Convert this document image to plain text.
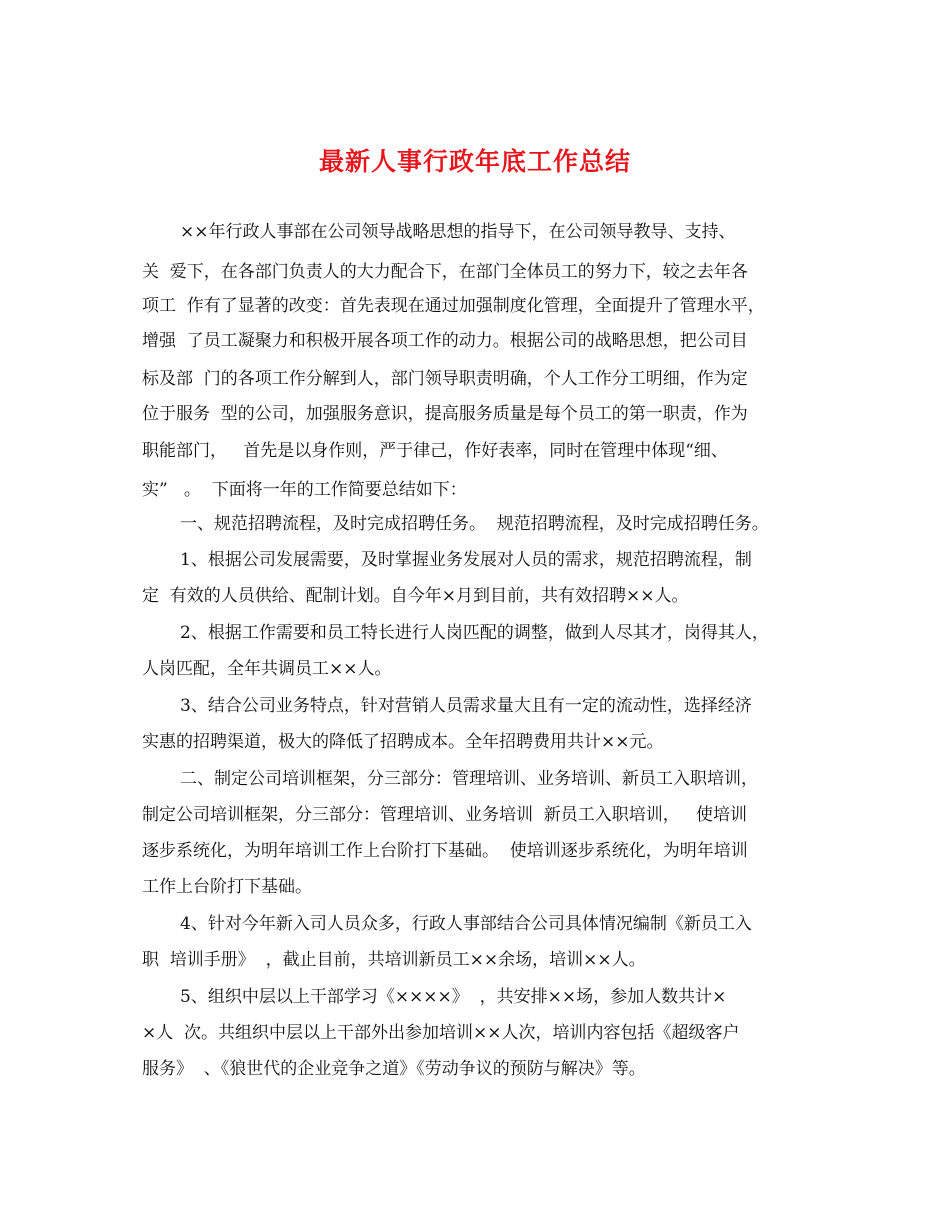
最新人事行政年底工作总结
××年行政人事部在公司领导战略思想的指导下，在公司领导教导、支持、
关  爱下，在各部门负责人的大力配合下，在部门全体员工的努力下，较之去年各
项工  作有了显著的改变：首先表现在通过加强制度化管理，全面提升了管理水平，
增强  了员工凝聚力和积极开展各项工作的动力。根据公司的战略思想，把公司目
标及部  门的各项工作分解到人，部门领导职责明确，个人工作分工明细，作为定
位于服务  型的公司，加强服务意识，提高服务质量是每个员工的第一职责，作为
职能部门，   首先是以身作则，严于律己，作好表率，同时在管理中体现“细、
实”   。  下面将一年的工作简要总结如下：
一、规范招聘流程，及时完成招聘任务。  规范招聘流程，及时完成招聘任务。
1、根据公司发展需要，及时掌握业务发展对人员的需求，规范招聘流程，制
定  有效的人员供给、配制计划。自今年×月到目前，共有效招聘××人。
2、根据工作需要和员工特长进行人岗匹配的调整，做到人尽其才，岗得其人，
人岗匹配，全年共调员工××人。
3、结合公司业务特点，针对营销人员需求量大且有一定的流动性，选择经济
实惠的招聘渠道，极大的降低了招聘成本。全年招聘费用共计××元。
二、制定公司培训框架，分三部分：管理培训、业务培训、新员工入职培训，
制定公司培训框架，分三部分：管理培训、业务培训  新员工入职培训，   使培训
逐步系统化，为明年培训工作上台阶打下基础。  使培训逐步系统化，为明年培训
工作上台阶打下基础。
4、针对今年新入司人员众多，行政人事部结合公司具体情况编制《新员工入
职  培训手册》  ，截止目前，共培训新员工××余场，培训××人。
5、组织中层以上干部学习《××××》  ，共安排××场，参加人数共计×
×人  次。共组织中层以上干部外出参加培训××人次，培训内容包括《超级客户
服务》  、《狼世代的企业竞争之道》《劳动争议的预防与解决》等。
